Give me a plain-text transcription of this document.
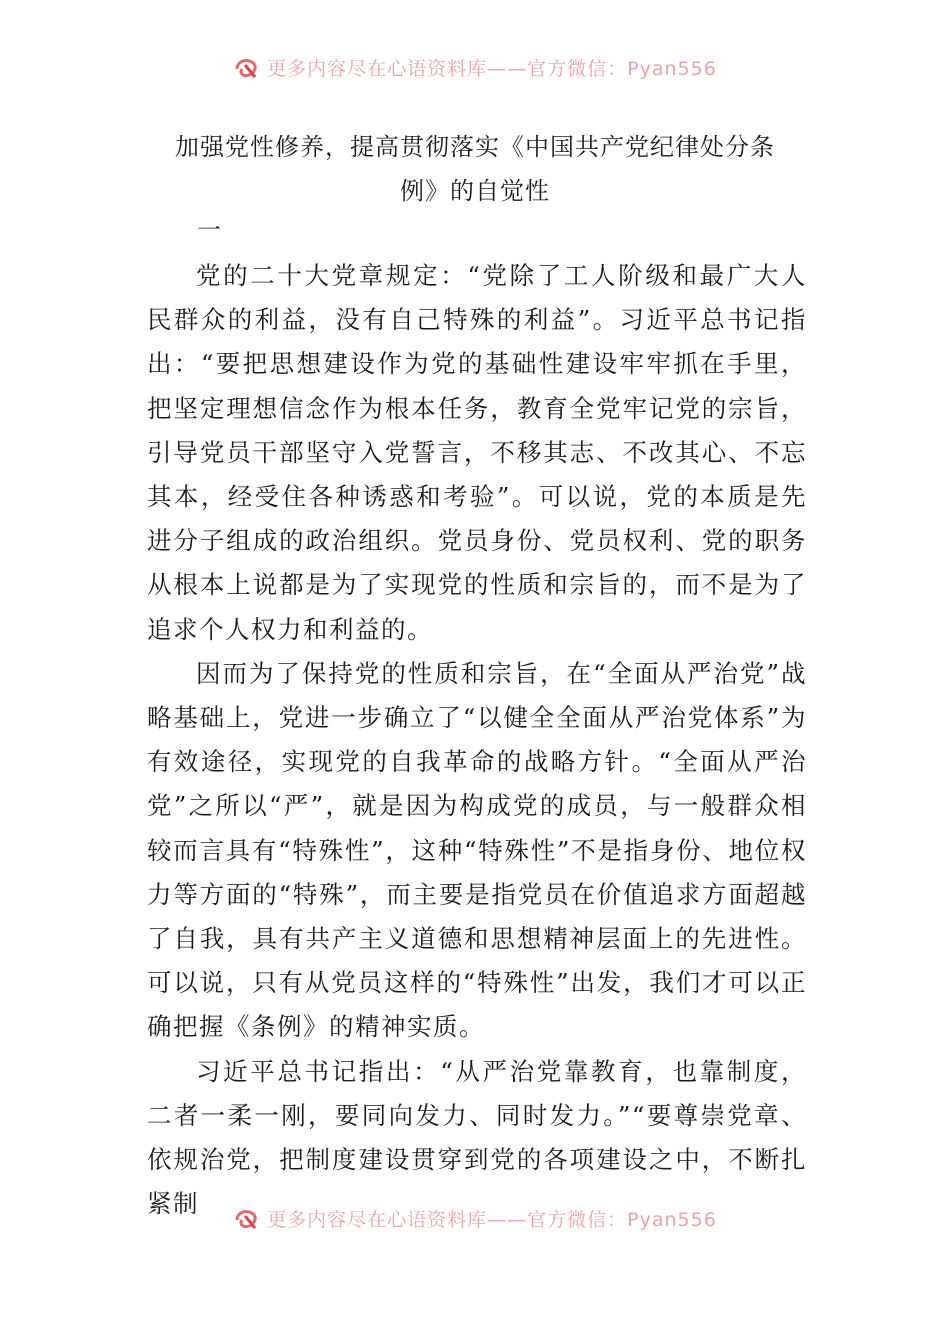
更多内容尽在心语资料库——官方微信：Pyan556
加强党性修养，提高贯彻落实《中国共产党纪律处分条
例》的自觉性
一

党的二十大党章规定：“党除了工人阶级和最广大人民群众的利益，没有自己特殊的利益”。习近平总书记指出：“要把思想建设作为党的基础性建设牢牢抓在手里，把坚定理想信念作为根本任务，教育全党牢记党的宗旨，引导党员干部坚守入党誓言，不移其志、不改其心、不忘其本，经受住各种诱惑和考验”。可以说，党的本质是先进分子组成的政治组织。党员身份、党员权利、党的职务从根本上说都是为了实现党的性质和宗旨的，而不是为了追求个人权力和利益的。

因而为了保持党的性质和宗旨，在“全面从严治党”战略基础上，党进一步确立了“以健全全面从严治党体系”为有效途径，实现党的自我革命的战略方针。“全面从严治党”之所以“严”，就是因为构成党的成员，与一般群众相较而言具有“特殊性”，这种“特殊性”不是指身份、地位权力等方面的“特殊”，而主要是指党员在价值追求方面超越了自我，具有共产主义道德和思想精神层面上的先进性。可以说，只有从党员这样的“特殊性”出发，我们才可以正确把握《条例》的精神实质。

习近平总书记指出：“从严治党靠教育，也靠制度，二者一柔一刚，要同向发力、同时发力。”“要尊崇党章、依规治党，把制度建设贯穿到党的各项建设之中，不断扎紧制

更多内容尽在心语资料库——官方微信：Pyan556
